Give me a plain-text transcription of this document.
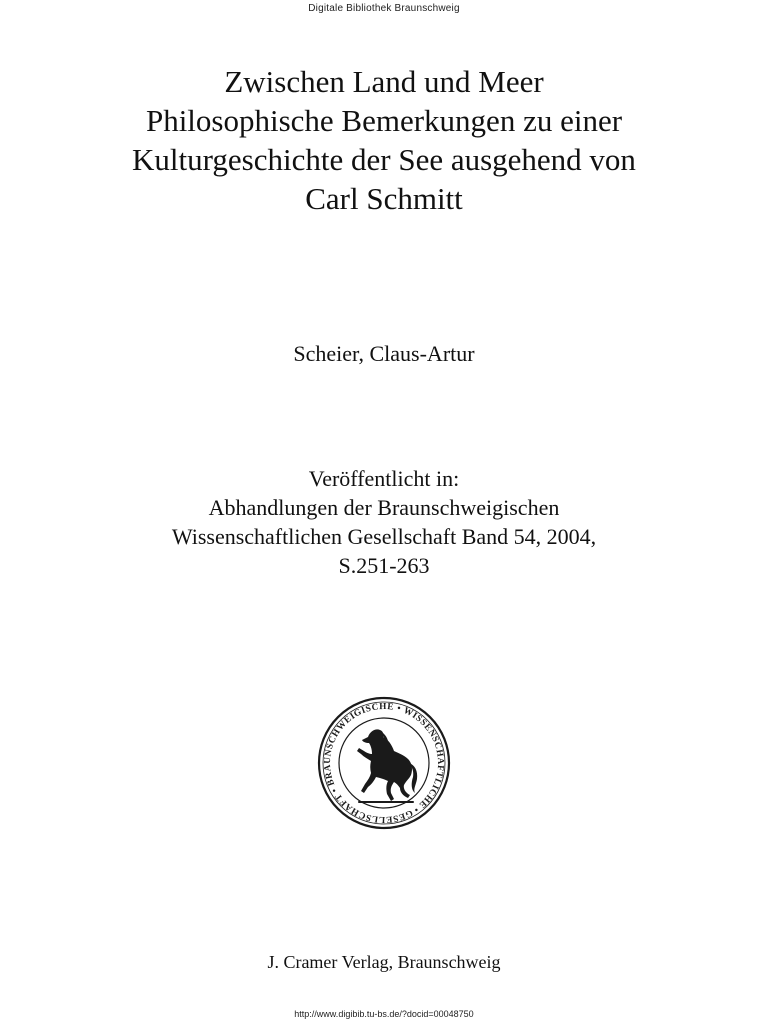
Digitale Bibliothek Braunschweig
Zwischen Land und Meer
Philosophische Bemerkungen zu einer
Kulturgeschichte der See ausgehend von
Carl Schmitt
Scheier, Claus-Artur
Veröffentlicht in:
Abhandlungen der Braunschweigischen
Wissenschaftlichen Gesellschaft Band 54, 2004,
S.251-263
GESELLSCHAFT • BRAUNSCHWEIGISCHE • WISSENSCHAFTLICHE •
J. Cramer Verlag, Braunschweig
http://www.digibib.tu-bs.de/?docid=00048750
